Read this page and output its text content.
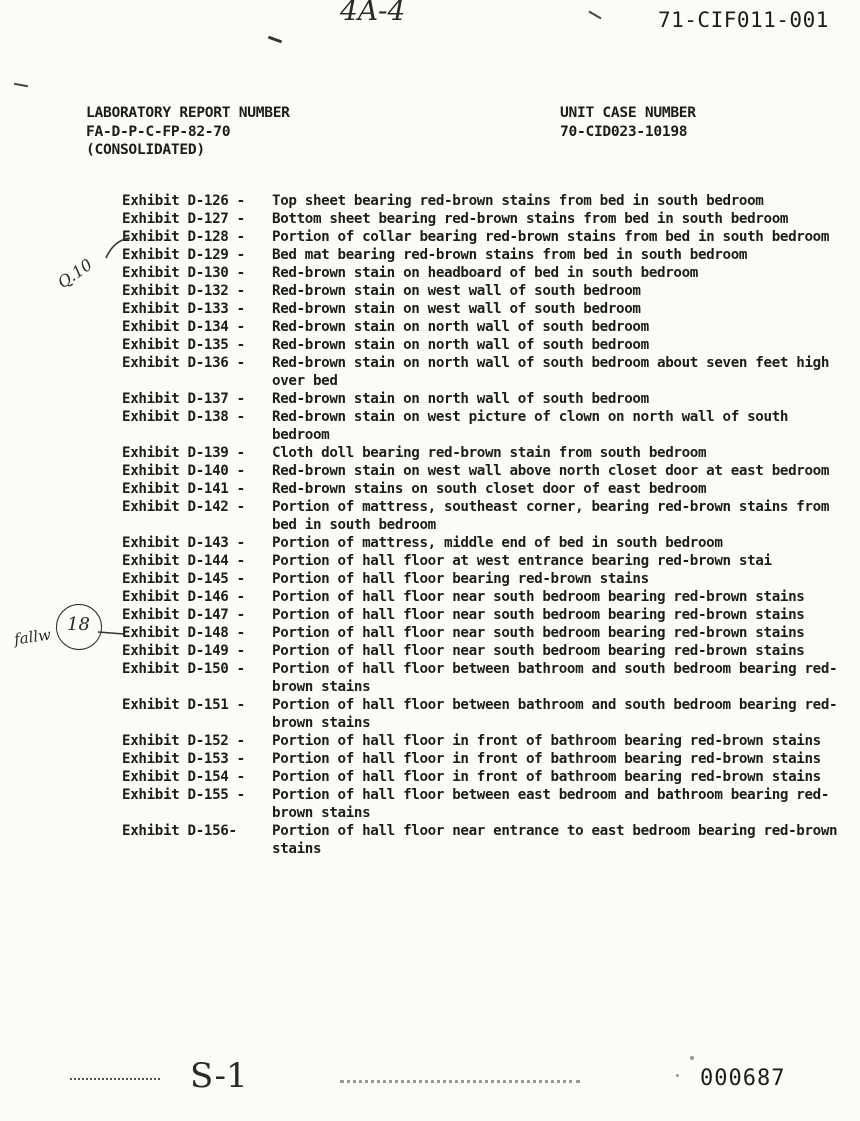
4A-4	71-CIF011-001
LABORATORY REPORT NUMBER
FA-D-P-C-FP-82-70
(CONSOLIDATED)
UNIT CASE NUMBER
70-CID023-10198
Exhibit D-126 -	Top sheet bearing red-brown stains from bed in south bedroom
Exhibit D-127 -	Bottom sheet bearing red-brown stains from bed in south bedroom
Exhibit D-128 -	Portion of collar bearing red-brown stains from bed in south bedroom
Exhibit D-129 -	Bed mat bearing red-brown stains from bed in south bedroom
Exhibit D-130 -	Red-brown stain on headboard of bed in south bedroom
Exhibit D-132 -	Red-brown stain on west wall of south bedroom
Exhibit D-133 -	Red-brown stain on west wall of south bedroom
Exhibit D-134 -	Red-brown stain on north wall of south bedroom
Exhibit D-135 -	Red-brown stain on north wall of south bedroom
Exhibit D-136 -	Red-brown stain on north wall of south bedroom about seven feet high over bed
Exhibit D-137 -	Red-brown stain on north wall of south bedroom
Exhibit D-138 -	Red-brown stain on west picture of clown on north wall of south bedroom
Exhibit D-139 -	Cloth doll bearing red-brown stain from south bedroom
Exhibit D-140 -	Red-brown stain on west wall above north closet door at east bedroom
Exhibit D-141 -	Red-brown stains on south closet door of east bedroom
Exhibit D-142 -	Portion of mattress, southeast corner, bearing red-brown stains from bed in south bedroom
Exhibit D-143 -	Portion of mattress, middle end of bed in south bedroom
Exhibit D-144 -	Portion of hall floor at west entrance bearing red-brown stai
Exhibit D-145 -	Portion of hall floor bearing red-brown stains
Exhibit D-146 -	Portion of hall floor near south bedroom bearing red-brown stains
Exhibit D-147 -	Portion of hall floor near south bedroom bearing red-brown stains
Exhibit D-148 -	Portion of hall floor near south bedroom bearing red-brown stains
Exhibit D-149 -	Portion of hall floor near south bedroom bearing red-brown stains
Exhibit D-150 -	Portion of hall floor between bathroom and south bedroom bearing red-brown stains
Exhibit D-151 -	Portion of hall floor between bathroom and south bedroom bearing red-brown stains
Exhibit D-152 -	Portion of hall floor in front of bathroom bearing red-brown stains
Exhibit D-153 -	Portion of hall floor in front of bathroom bearing red-brown stains
Exhibit D-154 -	Portion of hall floor in front of bathroom bearing red-brown stains
Exhibit D-155 -	Portion of hall floor between east bedroom and bathroom bearing red-brown stains
Exhibit D-156-	Portion of hall floor near entrance to east bedroom bearing red-brown stains
Q.10
fallw
18
S-1	000687
